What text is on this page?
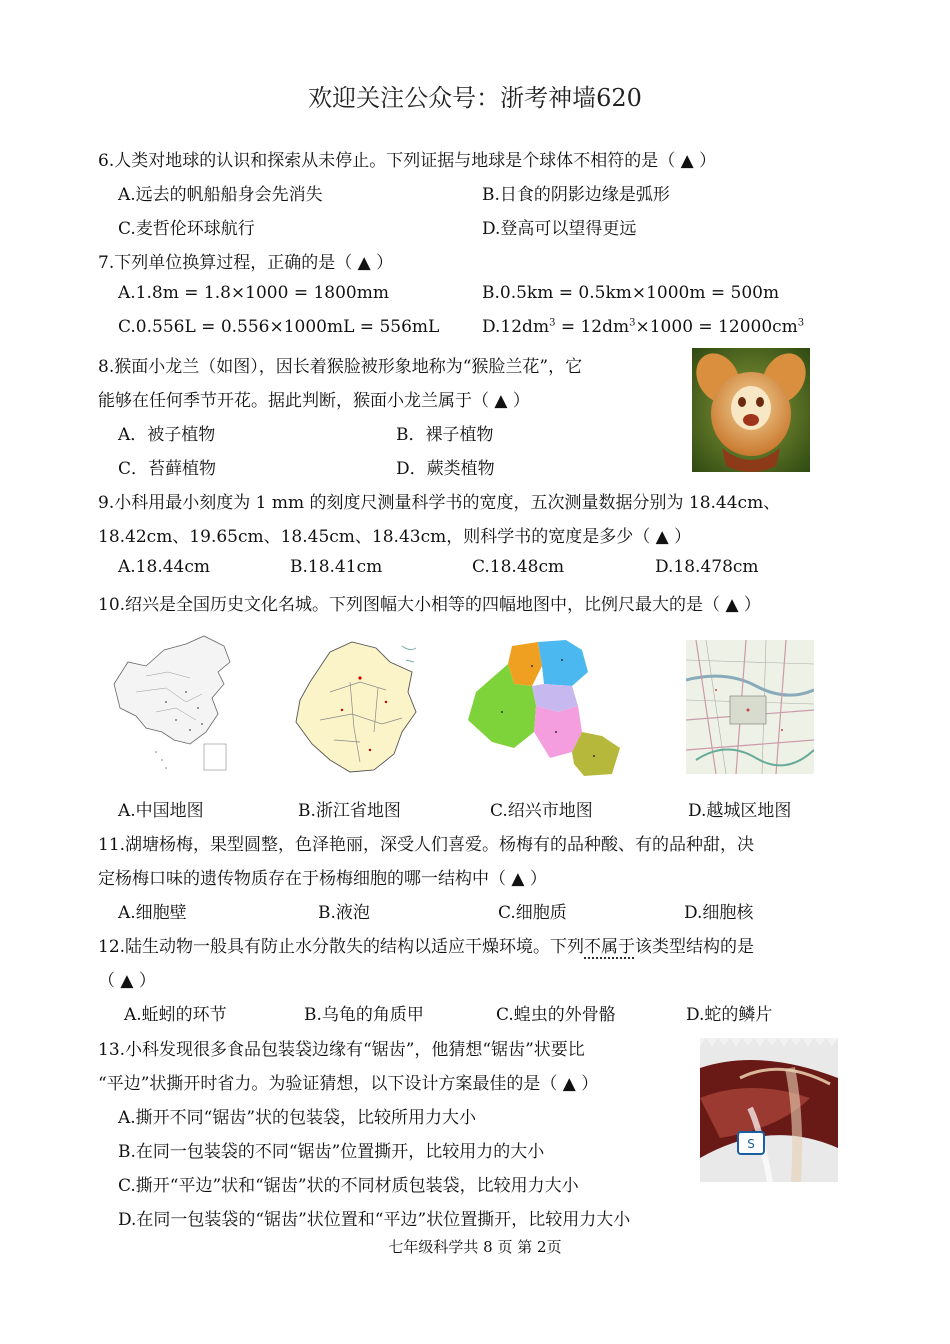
欢迎关注公众号：浙考神墙620
6.人类对地球的认识和探索从未停止。下列证据与地球是个球体不相符的是（ ▲ ）
A.远去的帆船船身会先消失	B.日食的阴影边缘是弧形
C.麦哲伦环球航行	D.登高可以望得更远
7.下列单位换算过程，正确的是（ ▲ ）
A.1.8m = 1.8×1000 = 1800mm	B.0.5km = 0.5km×1000m = 500m
C.0.556L = 0.556×1000mL = 556mL	$D.12dm^3 = 12dm^3\times 1000 = 12000cm^3$
8.猴面小龙兰（如图），因长着猴脸被形象地称为“猴脸兰花”，它
能够在任何季节开花。据此判断，猴面小龙兰属于（ ▲ ）
A．被子植物	B．裸子植物
C．苔藓植物	D．蕨类植物
9.小科用最小刻度为 1 mm 的刻度尺测量科学书的宽度，五次测量数据分别为 18.44cm、
18.42cm、19.65cm、18.45cm、18.43cm，则科学书的宽度是多少（ ▲ ）
A.18.44cm	B.18.41cm	C.18.48cm	D.18.478cm
10.绍兴是全国历史文化名城。下列图幅大小相等的四幅地图中，比例尺最大的是（ ▲ ）
A.中国地图	B.浙江省地图	C.绍兴市地图	D.越城区地图
11.湖塘杨梅，果型圆整，色泽艳丽，深受人们喜爱。杨梅有的品种酸、有的品种甜，决
定杨梅口味的遗传物质存在于杨梅细胞的哪一结构中（ ▲ ）
A.细胞壁	B.液泡	C.细胞质	D.细胞核
12.陆生动物一般具有防止水分散失的结构以适应干燥环境。下列不属于该类型结构的是
（ ▲ ）
A.蚯蚓的环节	B.乌龟的角质甲	C.蝗虫的外骨骼	D.蛇的鳞片
13.小科发现很多食品包装袋边缘有“锯齿”，他猜想“锯齿”状要比
“平边”状撕开时省力。为验证猜想，以下设计方案最佳的是（ ▲ ）
A.撕开不同“锯齿”状的包装袋，比较所用力大小
B.在同一包装袋的不同“锯齿”位置撕开，比较用力的大小
C.撕开“平边”状和“锯齿”状的不同材质包装袋，比较用力大小
D.在同一包装袋的“锯齿”状位置和“平边”状位置撕开，比较用力大小
S
七年级科学共 8 页 第 2页
